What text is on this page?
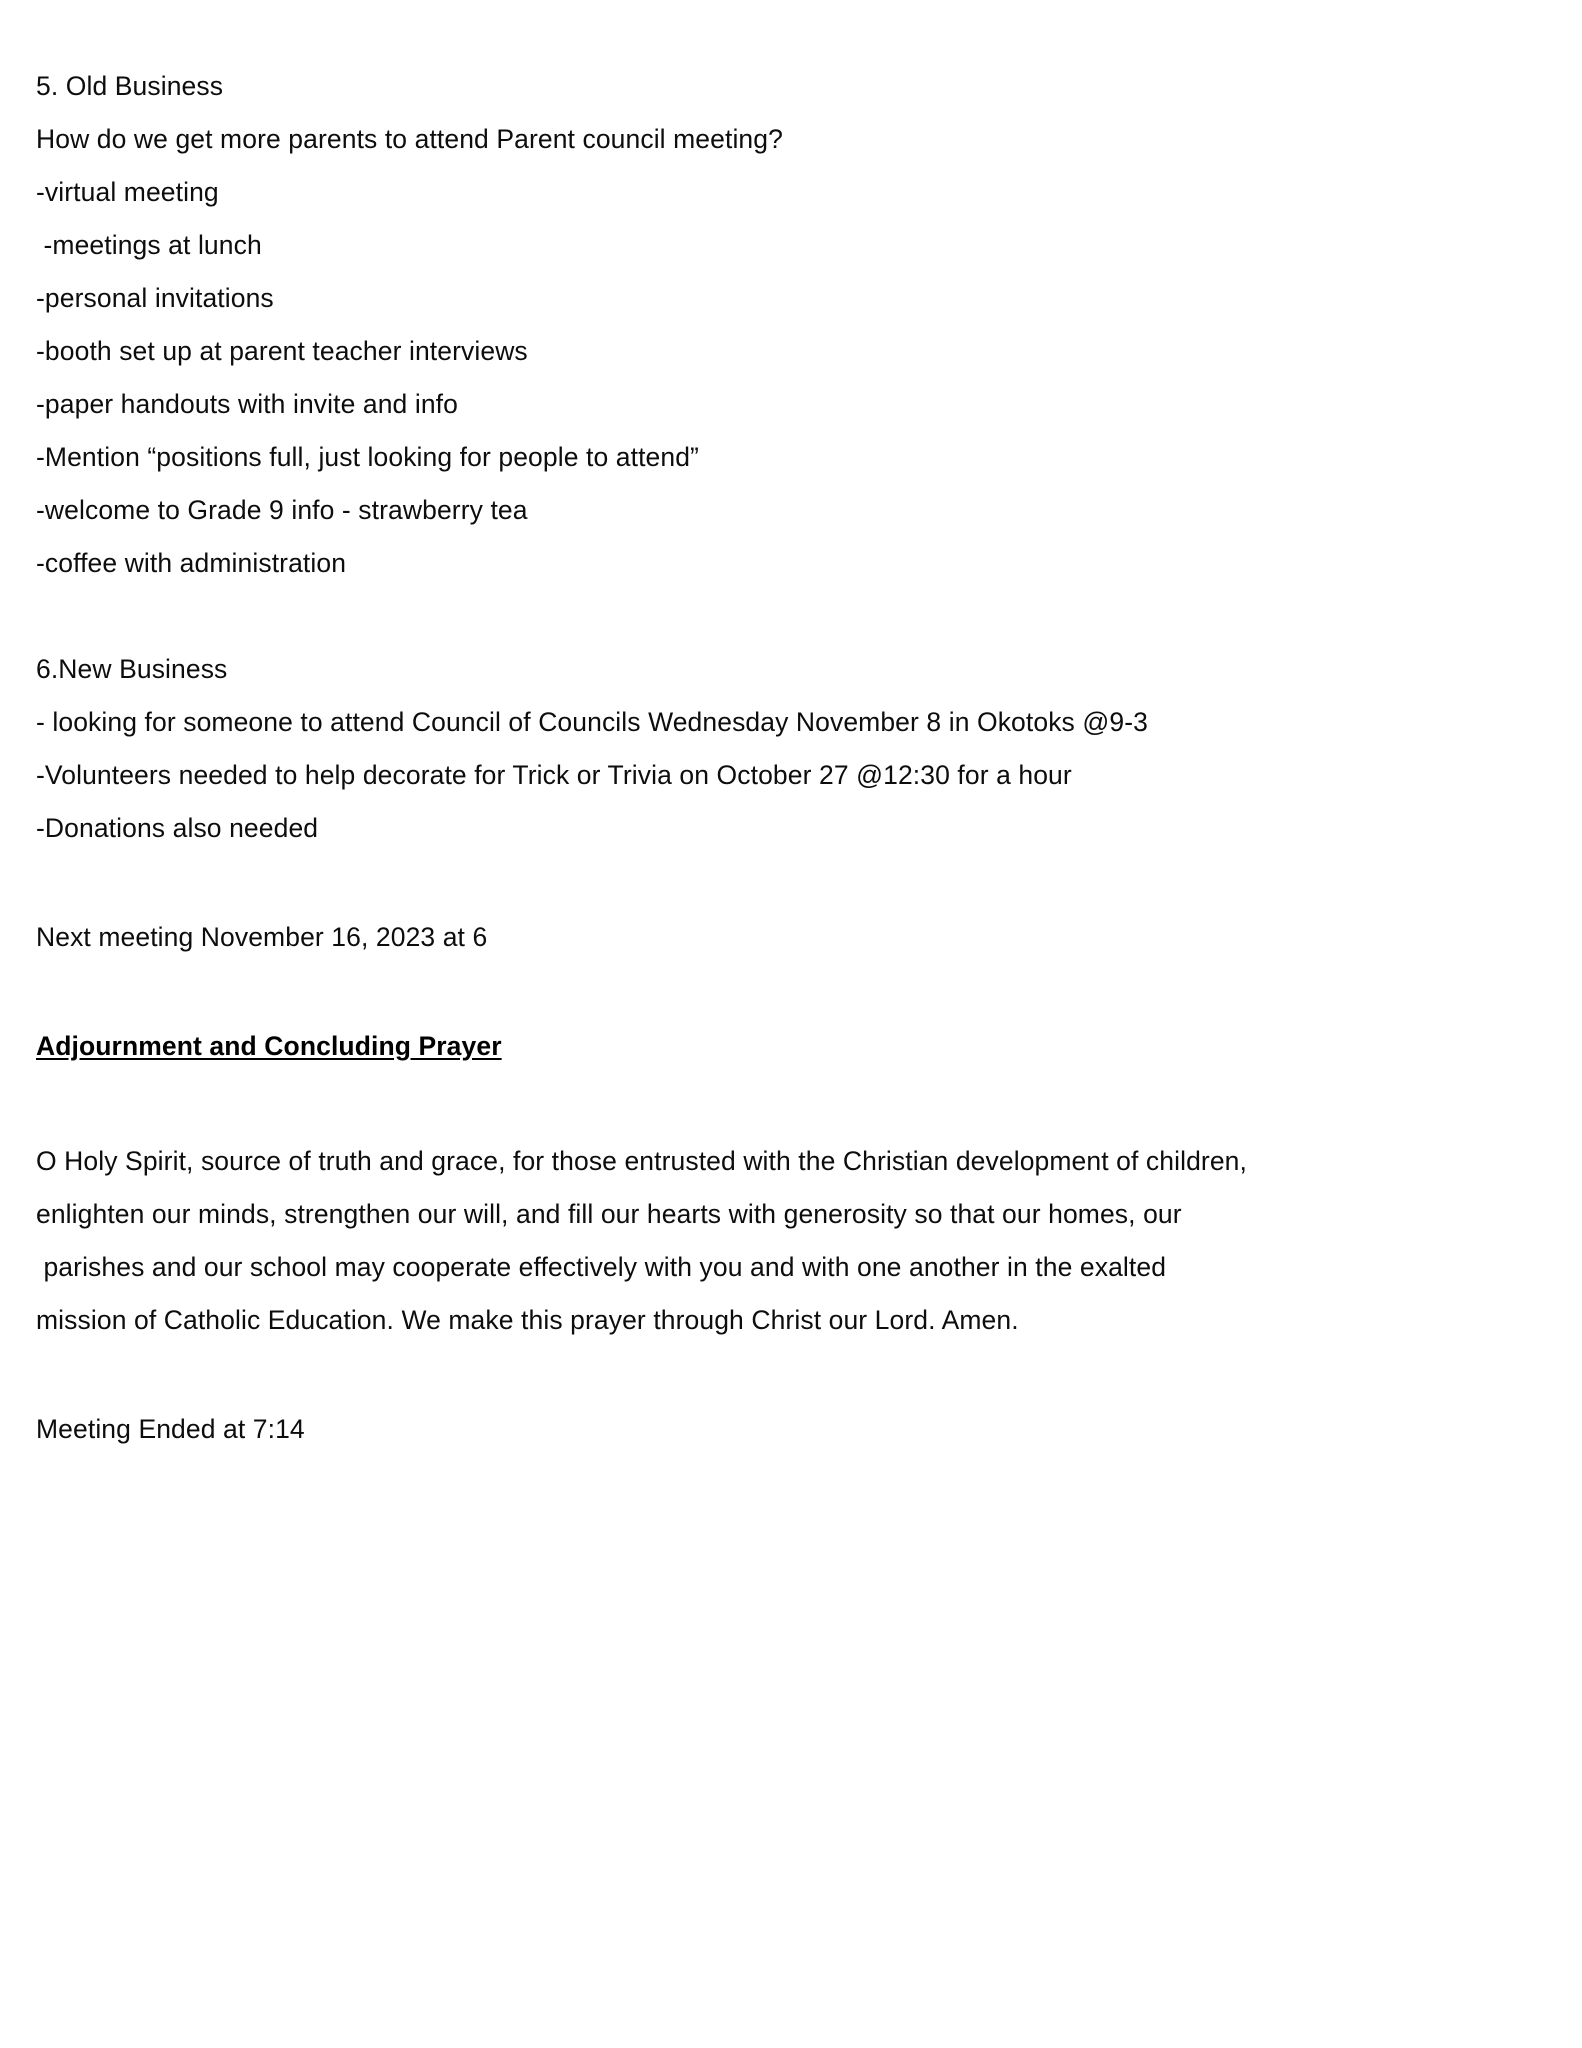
5. Old Business
How do we get more parents to attend Parent council meeting?
-virtual meeting
-meetings at lunch
-personal invitations
-booth set up at parent teacher interviews
-paper handouts with invite and info
-Mention “positions full, just looking for people to attend”
-welcome to Grade 9 info - strawberry tea
-coffee with administration
6.New Business
- looking for someone to attend Council of Councils Wednesday November 8 in Okotoks @9-3
-Volunteers needed to help decorate for Trick or Trivia on October 27 @12:30 for a hour
-Donations also needed
Next meeting November 16, 2023 at 6
Adjournment and Concluding Prayer
O Holy Spirit, source of truth and grace, for those entrusted with the Christian development of children,
enlighten our minds, strengthen our will, and fill our hearts with generosity so that our homes, our
parishes and our school may cooperate effectively with you and with one another in the exalted
mission of Catholic Education. We make this prayer through Christ our Lord. Amen.
Meeting Ended at 7:14
